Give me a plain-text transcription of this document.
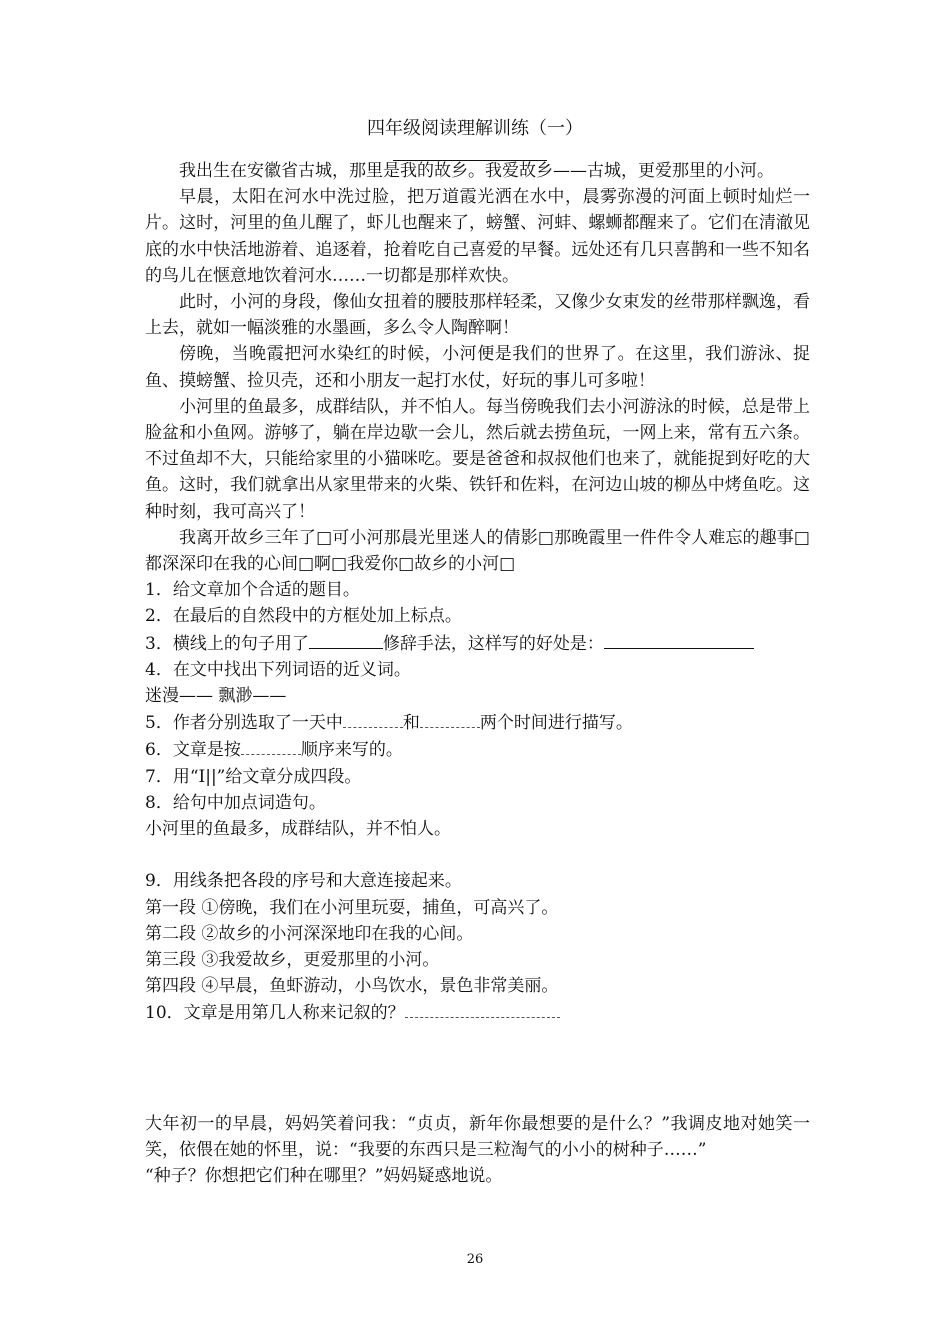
四年级阅读理解训练（一）

我出生在安徽省古城，那里是我的故乡。我爱故乡——古城，更爱那里的小河。

早晨，太阳在河水中洗过脸，把万道霞光洒在水中，晨雾弥漫的河面上顿时灿烂一片。这时，河里的鱼儿醒了，虾儿也醒来了，螃蟹、河蚌、螺蛳都醒来了。它们在清澈见底的水中快活地游着、追逐着，抢着吃自己喜爱的早餐。远处还有几只喜鹊和一些不知名的鸟儿在惬意地饮着河水……一切都是那样欢快。

此时，小河的身段，像仙女扭着的腰肢那样轻柔，又像少女束发的丝带那样飘逸，看上去，就如一幅淡雅的水墨画，多么令人陶醉啊！

傍晚，当晚霞把河水染红的时候，小河便是我们的世界了。在这里，我们游泳、捉鱼、摸螃蟹、捡贝壳，还和小朋友一起打水仗，好玩的事儿可多啦！

小河里的鱼最多，成群结队，并不怕人。每当傍晚我们去小河游泳的时候，总是带上脸盆和小鱼网。游够了，躺在岸边歇一会儿，然后就去捞鱼玩，一网上来，常有五六条。不过鱼却不大，只能给家里的小猫咪吃。要是爸爸和叔叔他们也来了，就能捉到好吃的大鱼。这时，我们就拿出从家里带来的火柴、铁钎和佐料，在河边山坡的柳丛中烤鱼吃。这种时刻，我可高兴了！

我离开故乡三年了□可小河那晨光里迷人的倩影□那晚霞里一件件令人难忘的趣事□都深深印在我的心间□啊□我爱你□故乡的小河□

1．给文章加个合适的题目。

2．在最后的自然段中的方框处加上标点。

3．横线上的句子用了	修辞手法，这样写的好处是：

4．在文中找出下列词语的近义词。

迷漫—— 飘渺——

5．作者分别选取了一天中	和	两个时间进行描写。

6．文章是按	顺序来写的。

7．用“I||”给文章分成四段。

8．给句中加点词造句。

小河里的鱼最多，成群结队，并不怕人。

9．用线条把各段的序号和大意连接起来。

第一段 ①傍晚，我们在小河里玩耍，捕鱼，可高兴了。

第二段 ②故乡的小河深深地印在我的心间。

第三段 ③我爱故乡，更爱那里的小河。

第四段 ④早晨，鱼虾游动，小鸟饮水，景色非常美丽。

10．文章是用第几人称来记叙的？

大年初一的早晨，妈妈笑着问我：“贞贞，新年你最想要的是什么？”我调皮地对她笑一笑，依偎在她的怀里，说：“我要的东西只是三粒淘气的小小的树种子……”

“种子？你想把它们种在哪里？”妈妈疑惑地说。

26
